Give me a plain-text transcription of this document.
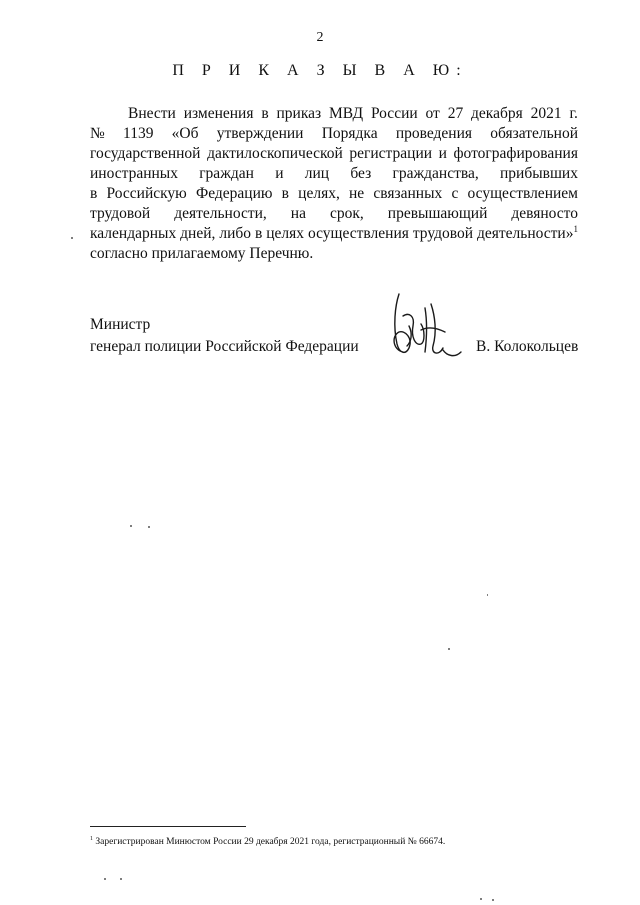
2
П Р И К А З Ы В А Ю:
Внести изменения в приказ МВД России от 27 декабря 2021 г.
№ 1139 «Об утверждении Порядка проведения обязательной
государственной дактилоскопической регистрации и фотографирования
иностранных граждан и лиц без гражданства, прибывших
в Российскую Федерацию в целях, не связанных с осуществлением
трудовой деятельности, на срок, превышающий девяносто
календарных дней, либо в целях осуществления трудовой деятельности»$^1$
согласно прилагаемому Перечню.
Министр
генерал полиции Российской Федерации	В. Колокольцев
$^1$ Зарегистрирован Минюстом России 29 декабря 2021 года, регистрационный № 66674.
